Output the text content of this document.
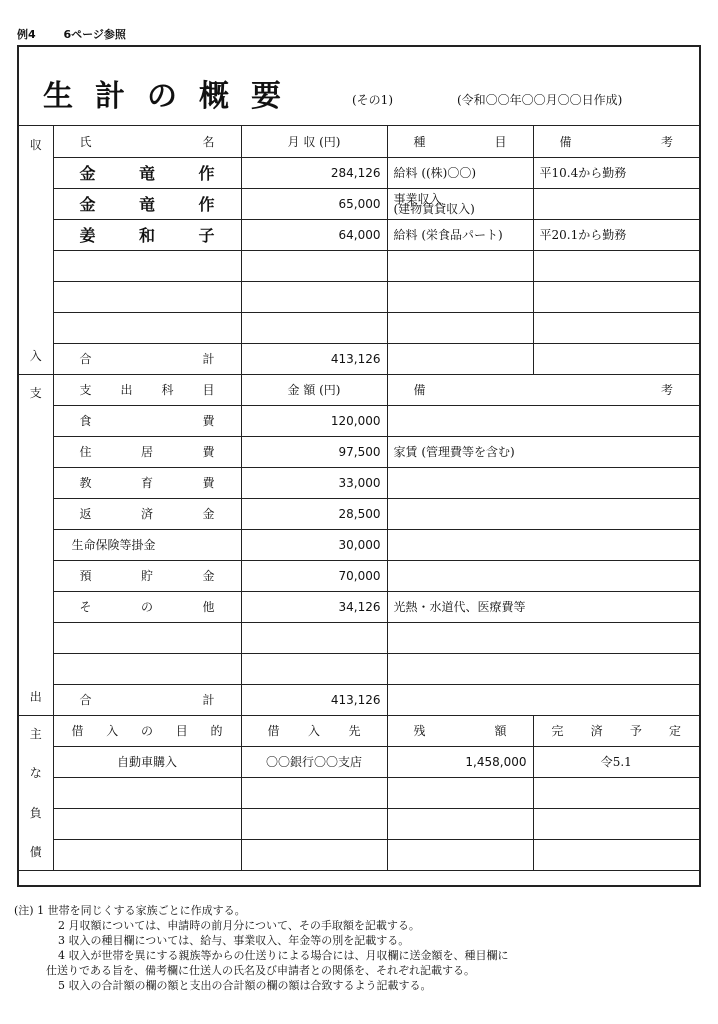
例4	6ページ参照
生計の概要	(その1)	(令和〇〇年〇〇月〇〇日作成)
収
入	氏 名	月 収 (円)	種 目	備 考

	金 竜 作	284,126	給料 ((株)〇〇)	平10.4から勤務

	金 竜 作	65,000	事業収入
(建物賃貸収入)	

	姜 和 子	64,000	給料 (栄食品パート)	平20.1から勤務

	合 計	413,126		

支
出	支 出 科 目	金 額 (円)	備 考	

	食 費	120,000		

	住 居 費	97,500	家賃 (管理費等を含む)	

	教 育 費	33,000		

	返 済 金	28,500		
	生命保険等掛金	30,000		

	預 貯 金	70,000		

	そ の 他	34,126	光熱・水道代、医療費等	

	合 計	413,126		

主
な
負
債	借 入 の 目 的	借 入 先	残 額	完 済 予 定

	自動車購入	〇〇銀行〇〇支店	1,458,000	令5.1

(注) 1 世帯を同じくする家族ごとに作成する。
2 月収額については、申請時の前月分について、その手取額を記載する。
3 収入の種目欄については、給与、事業収入、年金等の別を記載する。
4 収入が世帯を異にする親族等からの仕送りによる場合には、月収欄に送金額を、種目欄に
仕送りである旨を、備考欄に仕送人の氏名及び申請者との関係を、それぞれ記載する。
5 収入の合計額の欄の額と支出の合計額の欄の額は合致するよう記載する。
